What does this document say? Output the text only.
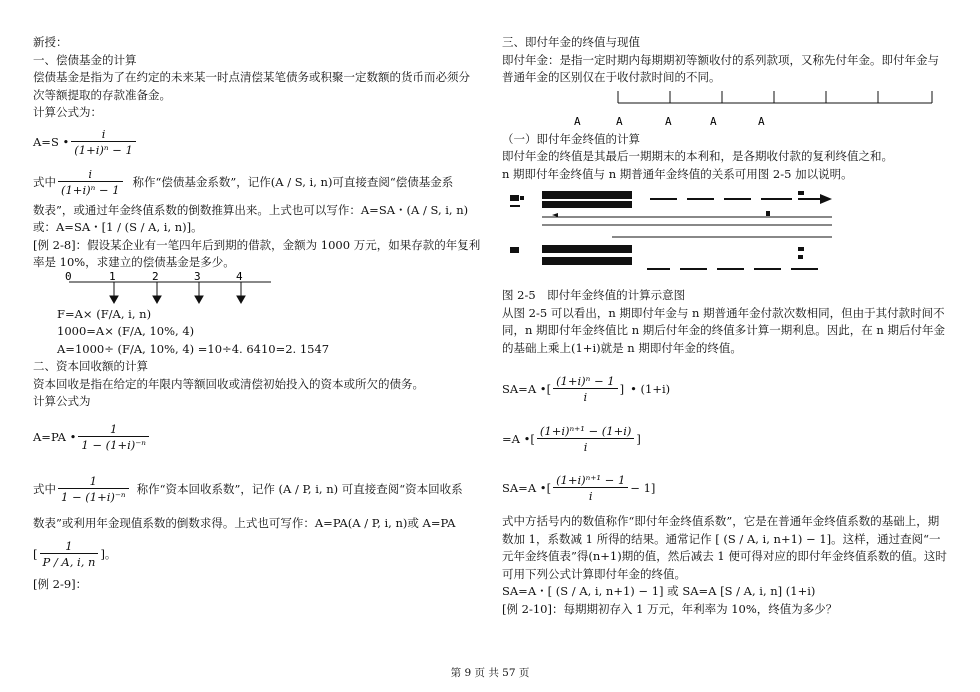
新授：
一、偿债基金的计算
偿债基金是指为了在约定的未来某一时点清偿某笔债务或积聚一定数额的货币而必须分次等额提取的存款准备金。
计算公式为：
A=S • $\frac{i}{\text{(1+i)ⁿ − 1}}$
式中 $\frac{i}{\text{(1+i)ⁿ − 1}}$ 称作“偿债基金系数”，记作(A / S, i, n)可直接查阅“偿债基金系
数表”，或通过年金终值系数的倒数推算出来。上式也可以写作：A=SA・(A / S, i, n)
或：A=SA・[1 / (S / A, i, n)]。
[例 2-8]：假设某企业有一笔四年后到期的借款，金额为 1000 万元，如果存款的年复利率是 10%，求建立的偿债基金是多少。
0	1	2	3	4
F=A× (F/A, i, n)
1000=A× (F/A, 10%, 4)
A=1000÷ (F/A, 10%, 4) =10÷4. 6410=2. 1547
二、资本回收额的计算
资本回收是指在给定的年限内等额回收或清偿初始投入的资本或所欠的债务。
计算公式为
A=PA • $\frac{1}{\text{1 − (1+i)⁻ⁿ}}$
式中 $\frac{1}{\text{1 − (1+i)⁻ⁿ}}$ 称作“资本回收系数”，记作 (A / P, i, n) 可直接查阅“资本回收系
数表”或利用年金现值系数的倒数求得。上式也可写作：A=PA(A / P, i, n)或 A=PA
[ $\frac{1}{P / A, i, n}$ ]。
[例 2-9]：
三、即付年金的终值与现值
即付年金：是指一定时期内每期期初等额收付的系列款项，又称先付年金。即付年金与普通年金的区别仅在于收付款时间的不同。
A	A	A	A	A
（一）即付年金终值的计算
即付年金的终值是其最后一期期末的本利和，是各期收付款的复利终值之和。
n 期即付年金终值与 n 期普通年金终值的关系可用图 2-5 加以说明。
图 2-5　即付年金终值的计算示意图
从图 2-5 可以看出，n 期即付年金与 n 期普通年金付款次数相同，但由于其付款时间不同，n 期即付年金终值比 n 期后付年金的终值多计算一期利息。因此，在 n 期后付年金的基础上乘上(1+i)就是 n 期即付年金的终值。
SA=A • [ $\frac{\text{(1+i)ⁿ − 1}}{i}$ ] • (1+i)
=A • [ $\frac{\text{(1+i)ⁿ⁺¹ − (1+i)}}{i}$ ]
SA=A • [ $\frac{\text{(1+i)ⁿ⁺¹ − 1}}{i} - 1$]
式中方括号内的数值称作“即付年金终值系数”，它是在普通年金终值系数的基础上，期数加 1，系数减 1 所得的结果。通常记作 [ (S / A, i, n+1) − 1]。这样，通过查阅“一元年金终值表”得(n+1)期的值，然后减去 1 便可得对应的即付年金终值系数的值。这时可用下列公式计算即付年金的终值。
SA=A・[ (S / A, i, n+1) − 1] 或 SA=A [S / A, i, n] (1+i)
[例 2-10]：每期期初存入 1 万元，年利率为 10%，终值为多少？
第 9 页 共 57 页
